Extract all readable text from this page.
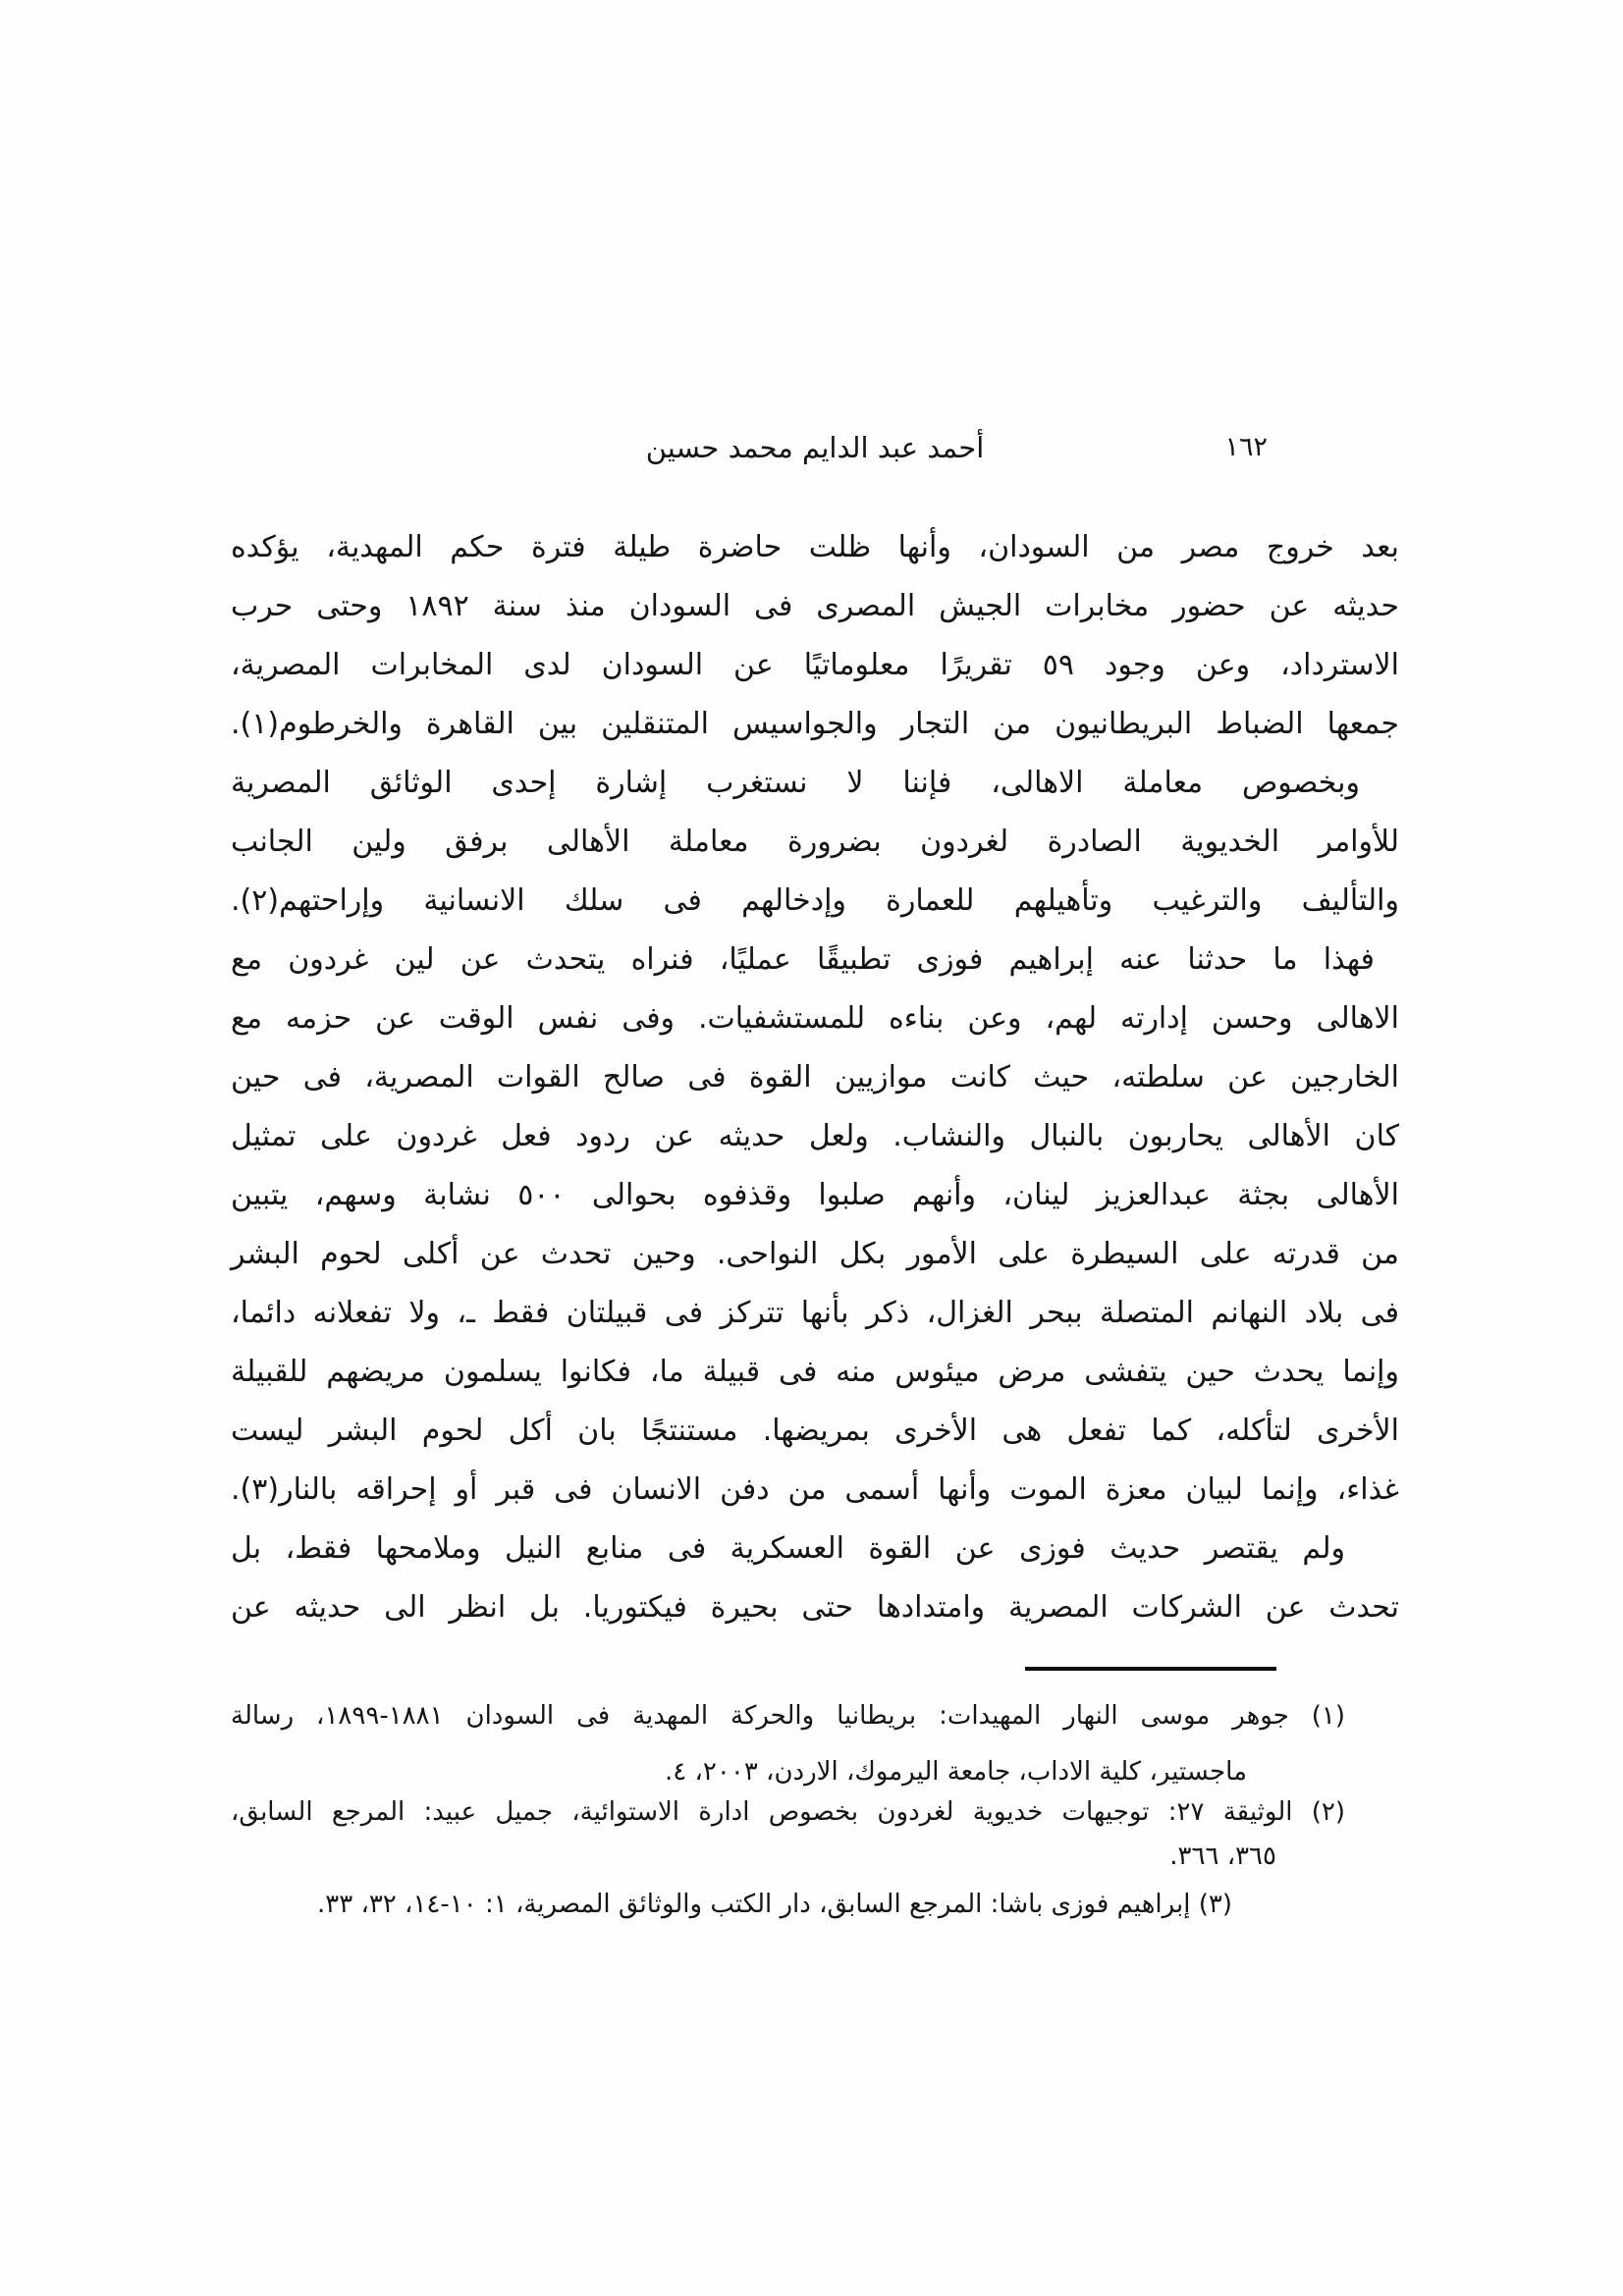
أحمد عبد الدايم محمد حسين	١٦٢
بعد خروج مصر من السودان، وأنها ظلت حاضرة طيلة فترة حكم المهدية، يؤكده
حديثه عن حضور مخابرات الجيش المصرى فى السودان منذ سنة ١٨٩٢ وحتى حرب
الاسترداد، وعن وجود ٥٩ تقريرًا معلوماتيًا عن السودان لدى المخابرات المصرية،
جمعها الضباط البريطانيون من التجار والجواسيس المتنقلين بين القاهرة والخرطوم(١).
وبخصوص معاملة الاهالى، فإننا لا نستغرب إشارة إحدى الوثائق المصرية
للأوامر الخديوية الصادرة لغردون بضرورة معاملة الأهالى برفق ولين الجانب
والتأليف والترغيب وتأهيلهم للعمارة وإدخالهم فى سلك الانسانية وإراحتهم(٢).
فهذا ما حدثنا عنه إبراهيم فوزى تطبيقًا عمليًا، فنراه يتحدث عن لين غردون مع
الاهالى وحسن إدارته لهم، وعن بناءه للمستشفيات. وفى نفس الوقت عن حزمه مع
الخارجين عن سلطته، حيث كانت موازيين القوة فى صالح القوات المصرية، فى حين
كان الأهالى يحاربون بالنبال والنشاب. ولعل حديثه عن ردود فعل غردون على تمثيل
الأهالى بجثة عبدالعزيز لينان، وأنهم صلبوا وقذفوه بحوالى ٥٠٠ نشابة وسهم، يتبين
من قدرته على السيطرة على الأمور بكل النواحى. وحين تحدث عن أكلى لحوم البشر
فى بلاد النهانم المتصلة ببحر الغزال، ذكر بأنها تتركز فى قبيلتان فقط ـ، ولا تفعلانه دائما،
وإنما يحدث حين يتفشى مرض ميئوس منه فى قبيلة ما، فكانوا يسلمون مريضهم للقبيلة
الأخرى لتأكله، كما تفعل هى الأخرى بمريضها. مستنتجًا بان أكل لحوم البشر ليست
غذاء، وإنما لبيان معزة الموت وأنها أسمى من دفن الانسان فى قبر أو إحراقه بالنار(٣).
ولم يقتصر حديث فوزى عن القوة العسكرية فى منابع النيل وملامحها فقط، بل
تحدث عن الشركات المصرية وامتدادها حتى بحيرة فيكتوريا. بل انظر الى حديثه عن
(١) جوهر موسى النهار المهيدات: بريطانيا والحركة المهدية فى السودان ١٨٨١-١٨٩٩، رسالة
ماجستير، كلية الاداب، جامعة اليرموك، الاردن، ٢٠٠٣، ٤.
(٢) الوثيقة ٢٧: توجيهات خديوية لغردون بخصوص ادارة الاستوائية، جميل عبيد: المرجع السابق،
٣٦٥، ٣٦٦.
(٣) إبراهيم فوزى باشا: المرجع السابق، دار الكتب والوثائق المصرية، ١: ١٠-١٤، ٣٢، ٣٣.
